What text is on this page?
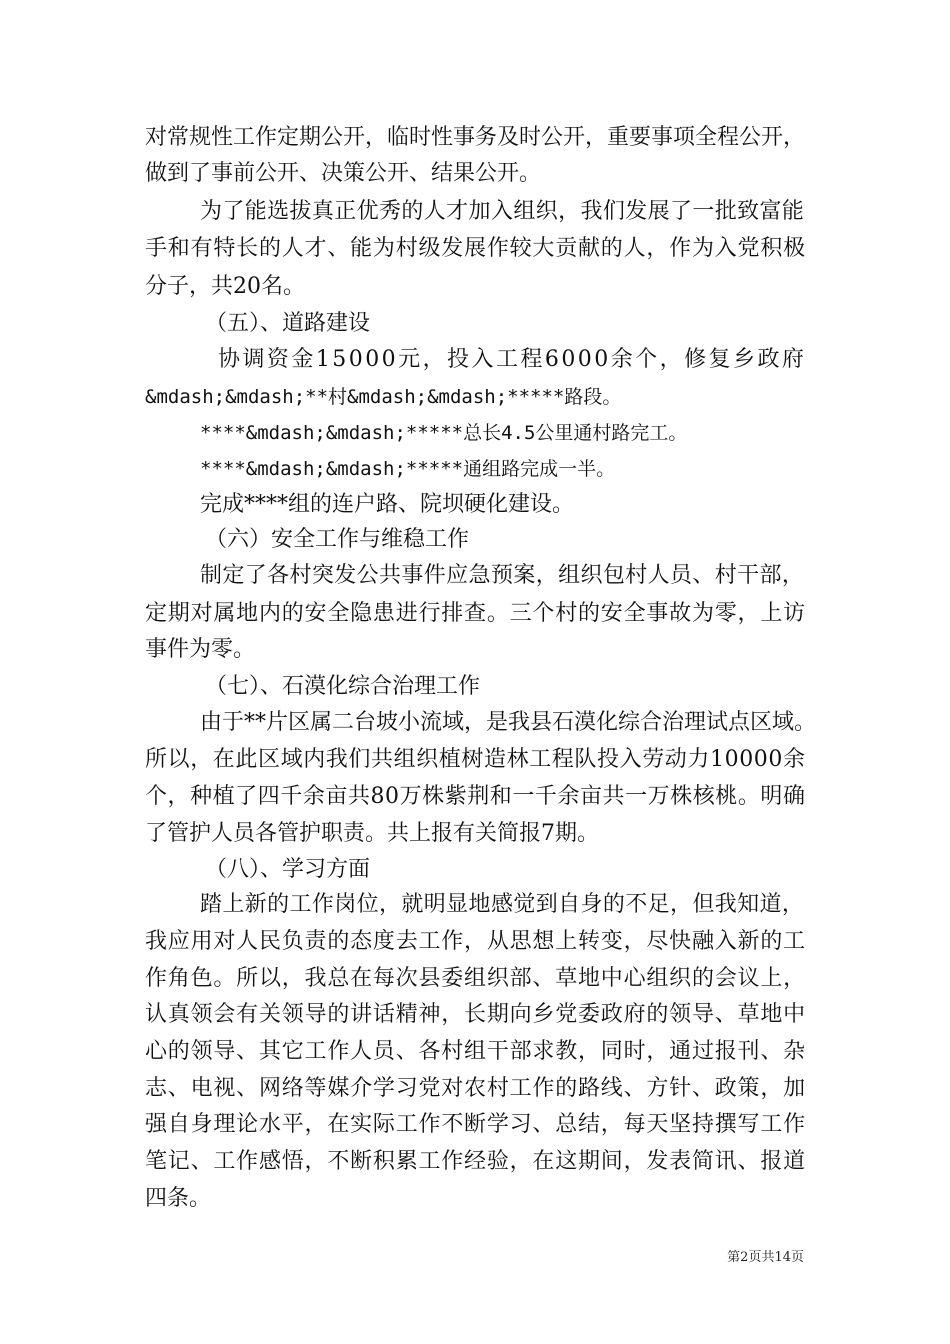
对常规性工作定期公开，临时性事务及时公开，重要事项全程公开，
做到了事前公开、决策公开、结果公开。
为了能选拔真正优秀的人才加入组织，我们发展了一批致富能
手和有特长的人才、能为村级发展作较大贡献的人，作为入党积极
分子，共20名。
（五）、道路建设
协调资金15000元，投入工程6000余个，修复乡政府
&mdash;&mdash;**村&mdash;&mdash;*****路段。
****&mdash;&mdash;*****总长4.5公里通村路完工。
****&mdash;&mdash;*****通组路完成一半。
完成****组的连户路、院坝硬化建设。
（六）安全工作与维稳工作
制定了各村突发公共事件应急预案，组织包村人员、村干部，
定期对属地内的安全隐患进行排查。三个村的安全事故为零，上访
事件为零。
（七）、石漠化综合治理工作
由于**片区属二台坡小流域，是我县石漠化综合治理试点区域。
所以，在此区域内我们共组织植树造林工程队投入劳动力10000余
个，种植了四千余亩共80万株紫荆和一千余亩共一万株核桃。明确
了管护人员各管护职责。共上报有关简报7期。
（八）、学习方面
踏上新的工作岗位，就明显地感觉到自身的不足，但我知道，
我应用对人民负责的态度去工作，从思想上转变，尽快融入新的工
作角色。所以，我总在每次县委组织部、草地中心组织的会议上，
认真领会有关领导的讲话精神，长期向乡党委政府的领导、草地中
心的领导、其它工作人员、各村组干部求教，同时，通过报刊、杂
志、电视、网络等媒介学习党对农村工作的路线、方针、政策，加
强自身理论水平，在实际工作不断学习、总结，每天坚持撰写工作
笔记、工作感悟，不断积累工作经验，在这期间，发表简讯、报道
四条。
第2页共14页
